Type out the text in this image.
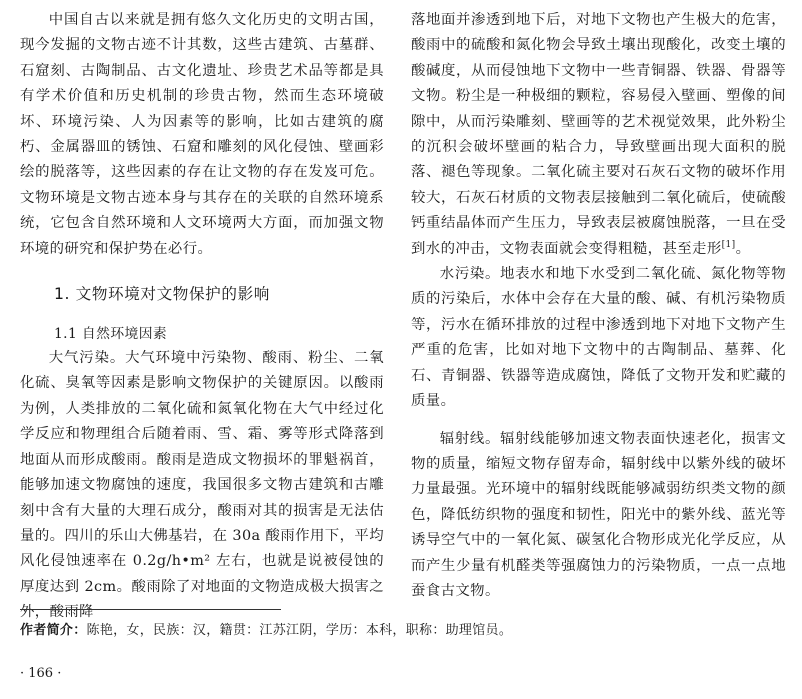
中国自古以来就是拥有悠久文化历史的文明古国，现今发掘的文物古迹不计其数，这些古建筑、古墓群、石窟刻、古陶制品、古文化遗址、珍贵艺术品等都是具有学术价值和历史机制的珍贵古物，然而生态环境破坏、环境污染、人为因素等的影响，比如古建筑的腐朽、金属器皿的锈蚀、石窟和雕刻的风化侵蚀、壁画彩绘的脱落等，这些因素的存在让文物的存在发岌可危。文物环境是文物古迹本身与其存在的关联的自然环境系统，它包含自然环境和人文环境两大方面，而加强文物环境的研究和保护势在必行。

1. 文物环境对文物保护的影响

1.1 自然环境因素

大气污染。大气环境中污染物、酸雨、粉尘、二氧化硫、臭氧等因素是影响文物保护的关键原因。以酸雨为例，人类排放的二氧化硫和氮氧化物在大气中经过化学反应和物理组合后随着雨、雪、霜、雾等形式降落到地面从而形成酸雨。酸雨是造成文物损坏的罪魁祸首，能够加速文物腐蚀的速度，我国很多文物古建筑和古雕刻中含有大量的大理石成分，酸雨对其的损害是无法估量的。四川的乐山大佛基岩，在 30a 酸雨作用下，平均风化侵蚀速率在 0.2g/h•m² 左右，也就是说被侵蚀的厚度达到 2cm。酸雨除了对地面的文物造成极大损害之外，酸雨降

落地面并渗透到地下后，对地下文物也产生极大的危害，酸雨中的硫酸和氮化物会导致土壤出现酸化，改变土壤的酸碱度，从而侵蚀地下文物中一些青铜器、铁器、骨器等文物。粉尘是一种极细的颗粒，容易侵入壁画、塑像的间隙中，从而污染雕刻、壁画等的艺术视觉效果，此外粉尘的沉积会破坏壁画的粘合力，导致壁画出现大面积的脱落、褪色等现象。二氧化硫主要对石灰石文物的破坏作用较大，石灰石材质的文物表层接触到二氧化硫后，使硫酸钙重结晶体而产生压力，导致表层被腐蚀脱落，一旦在受到水的冲击，文物表面就会变得粗糙，甚至走形[1]。

水污染。地表水和地下水受到二氧化硫、氮化物等物质的污染后，水体中会存在大量的酸、碱、有机污染物质等，污水在循环排放的过程中渗透到地下对地下文物产生严重的危害，比如对地下文物中的古陶制品、墓葬、化石、青铜器、铁器等造成腐蚀，降低了文物开发和贮藏的质量。

辐射线。辐射线能够加速文物表面快速老化，损害文物的质量，缩短文物存留寿命，辐射线中以紫外线的破坏力量最强。光环境中的辐射线既能够减弱纺织类文物的颜色，降低纺织物的强度和韧性，阳光中的紫外线、蓝光等诱导空气中的一氧化氮、碳氢化合物形成光化学反应，从而产生少量有机醛类等强腐蚀力的污染物质，一点一点地蚕食古文物。

作者简介：陈艳，女，民族：汉，籍贯：江苏江阴，学历：本科，职称：助理馆员。
· 166 ·
